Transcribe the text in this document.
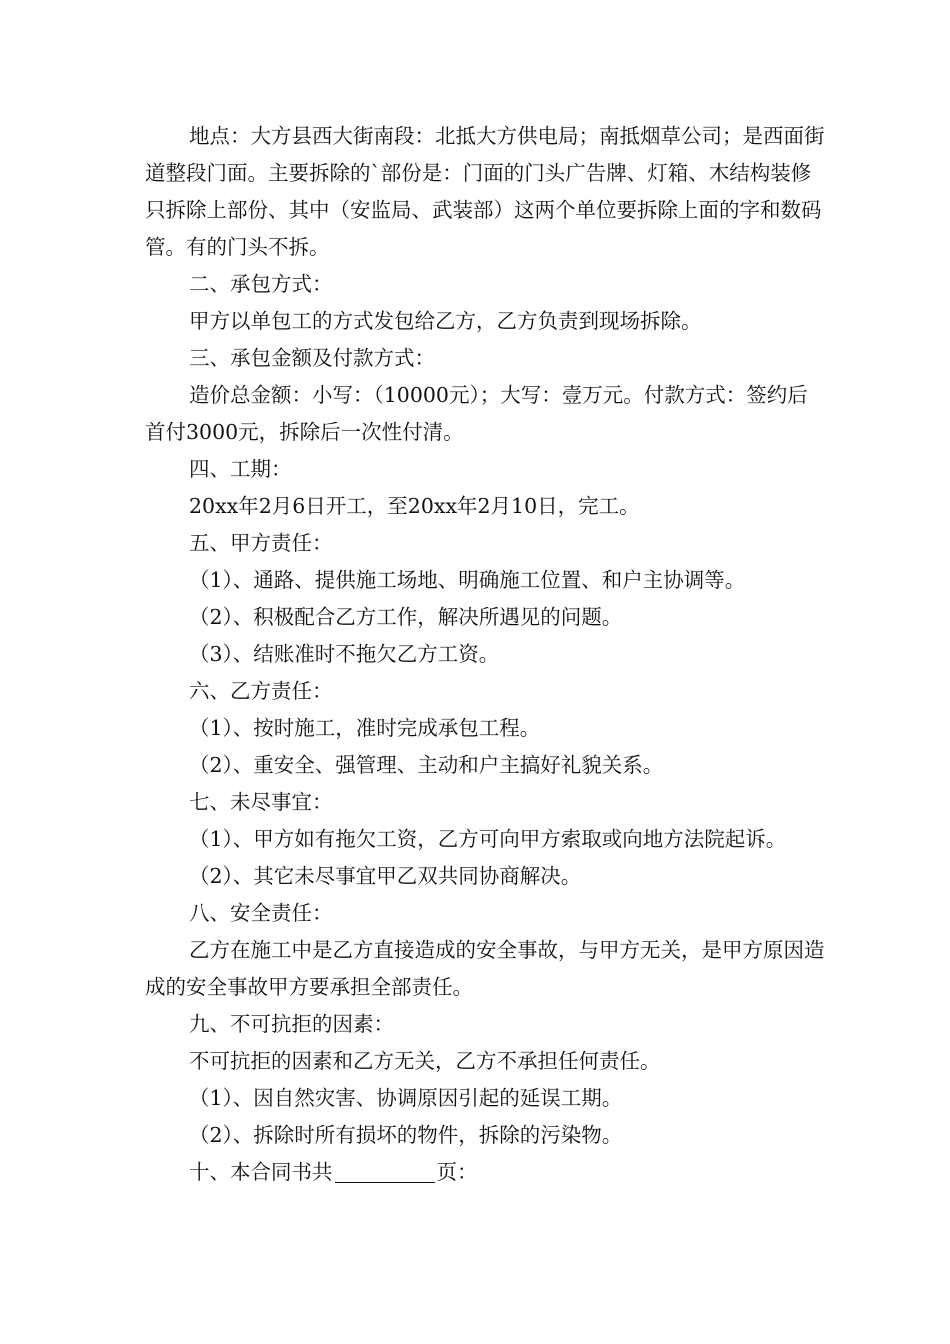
地点：大方县西大街南段：北抵大方供电局；南抵烟草公司；是西面街道整段门面。主要拆除的`部份是：门面的门头广告牌、灯箱、木结构装修只拆除上部份、其中（安监局、武装部）这两个单位要拆除上面的字和数码管。有的门头不拆。

二、承包方式：

甲方以单包工的方式发包给乙方，乙方负责到现场拆除。

三、承包金额及付款方式：

造价总金额：小写：（10000元）；大写：壹万元。付款方式：签约后首付3000元，拆除后一次性付清。

四、工期：

20xx年2月6日开工，至20xx年2月10日，完工。

五、甲方责任：

（1）、通路、提供施工场地、明确施工位置、和户主协调等。

（2）、积极配合乙方工作，解决所遇见的问题。

（3）、结账准时不拖欠乙方工资。

六、乙方责任：

（1）、按时施工，准时完成承包工程。

（2）、重安全、强管理、主动和户主搞好礼貌关系。

七、未尽事宜：

（1）、甲方如有拖欠工资，乙方可向甲方索取或向地方法院起诉。

（2）、其它未尽事宜甲乙双共同协商解决。

八、安全责任：

乙方在施工中是乙方直接造成的安全事故，与甲方无关，是甲方原因造成的安全事故甲方要承担全部责任。

九、不可抗拒的因素：

不可抗拒的因素和乙方无关，乙方不承担任何责任。

（1）、因自然灾害、协调原因引起的延误工期。

（2）、拆除时所有损坏的物件，拆除的污染物。

十、本合同书共	页：
